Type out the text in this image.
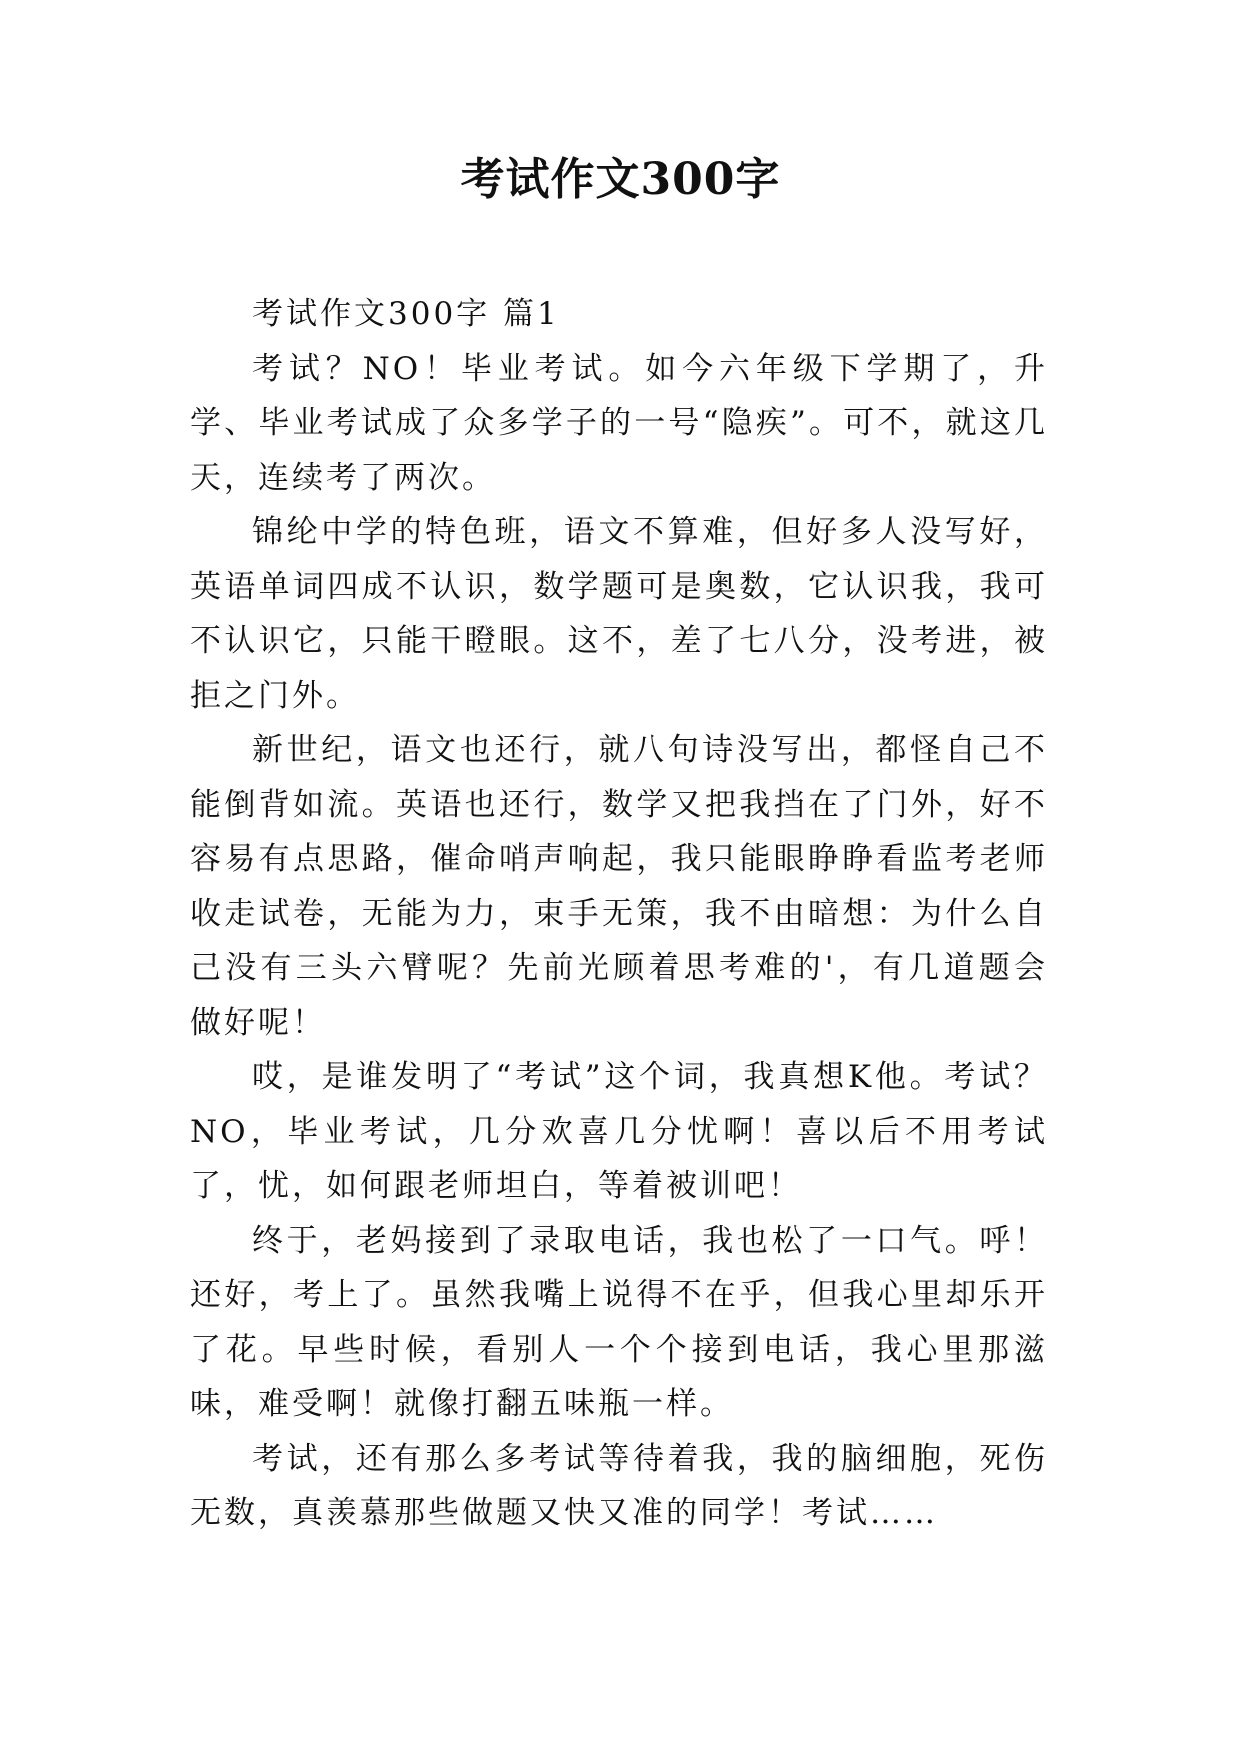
考试作文300字

考试作文300字 篇1

考试？NO！毕业考试。如今六年级下学期了，升学、毕业考试成了众多学子的一号“隐疾”。可不，就这几天，连续考了两次。

锦纶中学的特色班，语文不算难，但好多人没写好，英语单词四成不认识，数学题可是奥数，它认识我，我可不认识它，只能干瞪眼。这不，差了七八分，没考进，被拒之门外。

新世纪，语文也还行，就八句诗没写出，都怪自己不能倒背如流。英语也还行，数学又把我挡在了门外，好不容易有点思路，催命哨声响起，我只能眼睁睁看监考老师收走试卷，无能为力，束手无策，我不由暗想：为什么自己没有三头六臂呢？先前光顾着思考难的'，有几道题会做好呢！

哎，是谁发明了“考试”这个词，我真想K他。考试？NO，毕业考试，几分欢喜几分忧啊！喜以后不用考试了，忧，如何跟老师坦白，等着被训吧！

终于，老妈接到了录取电话，我也松了一口气。呼！还好，考上了。虽然我嘴上说得不在乎，但我心里却乐开了花。早些时候，看别人一个个接到电话，我心里那滋味，难受啊！就像打翻五味瓶一样。

考试，还有那么多考试等待着我，我的脑细胞，死伤无数，真羡慕那些做题又快又准的同学！考试……
